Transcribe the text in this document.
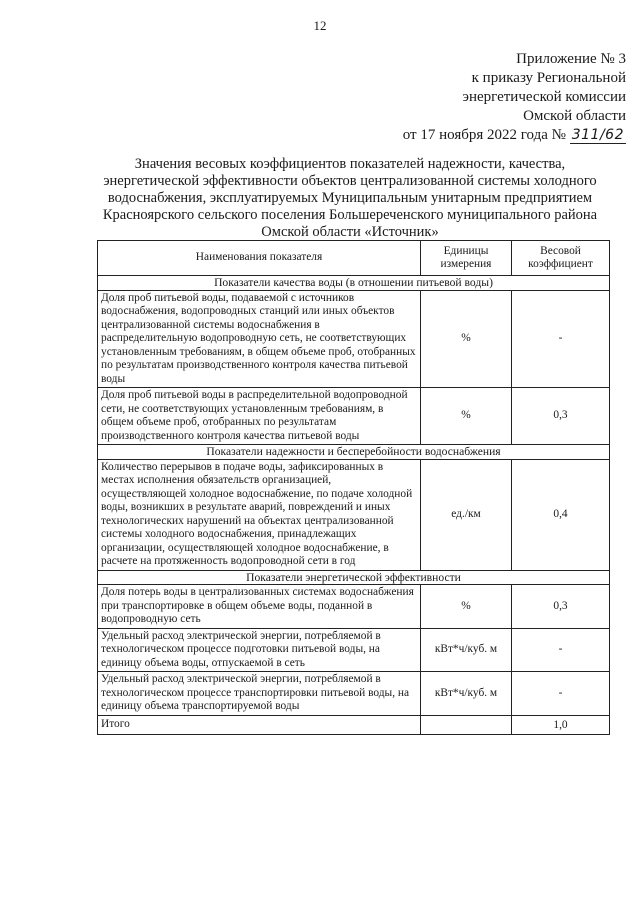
12
Приложение № 3
к приказу Региональной
энергетической комиссии
Омской области
от 17 ноября 2022 года № 311/62
Значения весовых коэффициентов показателей надежности, качества,
энергетической эффективности объектов централизованной системы холодного
водоснабжения, эксплуатируемых Муниципальным унитарным предприятием
Красноярского сельского поселения Большереченского муниципального района
Омской области «Источник»
Наименования показателя	Единицы измерения	Весовой коэффициент
Показатели качества воды (в отношении питьевой воды)		
Доля проб питьевой воды, подаваемой с источников водоснабжения, водопроводных станций или иных объектов централизованной системы водоснабжения в распределительную водопроводную сеть, не соответствующих установленным требованиям, в общем объеме проб, отобранных по результатам производственного контроля качества питьевой воды	%	-
Доля проб питьевой воды в распределительной водопроводной сети, не соответствующих установленным требованиям, в общем объеме проб, отобранных по результатам производственного контроля качества питьевой воды	%	0,3
Показатели надежности и бесперебойности водоснабжения		
Количество перерывов в подаче воды, зафиксированных в местах исполнения обязательств организацией, осуществляющей холодное водоснабжение, по подаче холодной воды, возникших в результате аварий, повреждений и иных технологических нарушений на объектах централизованной системы холодного водоснабжения, принадлежащих организации, осуществляющей холодное водоснабжение, в расчете на протяженность водопроводной сети в год	ед./км	0,4
Показатели энергетической эффективности		
Доля потерь воды в централизованных системах водоснабжения при транспортировке в общем объеме воды, поданной в водопроводную сеть	%	0,3
Удельный расход электрической энергии, потребляемой в технологическом процессе подготовки питьевой воды, на единицу объема воды, отпускаемой в сеть	кВт*ч/куб. м	-
Удельный расход электрической энергии, потребляемой в технологическом процессе транспортировки питьевой воды, на единицу объема транспортируемой воды	кВт*ч/куб. м	-
Итого		1,0
